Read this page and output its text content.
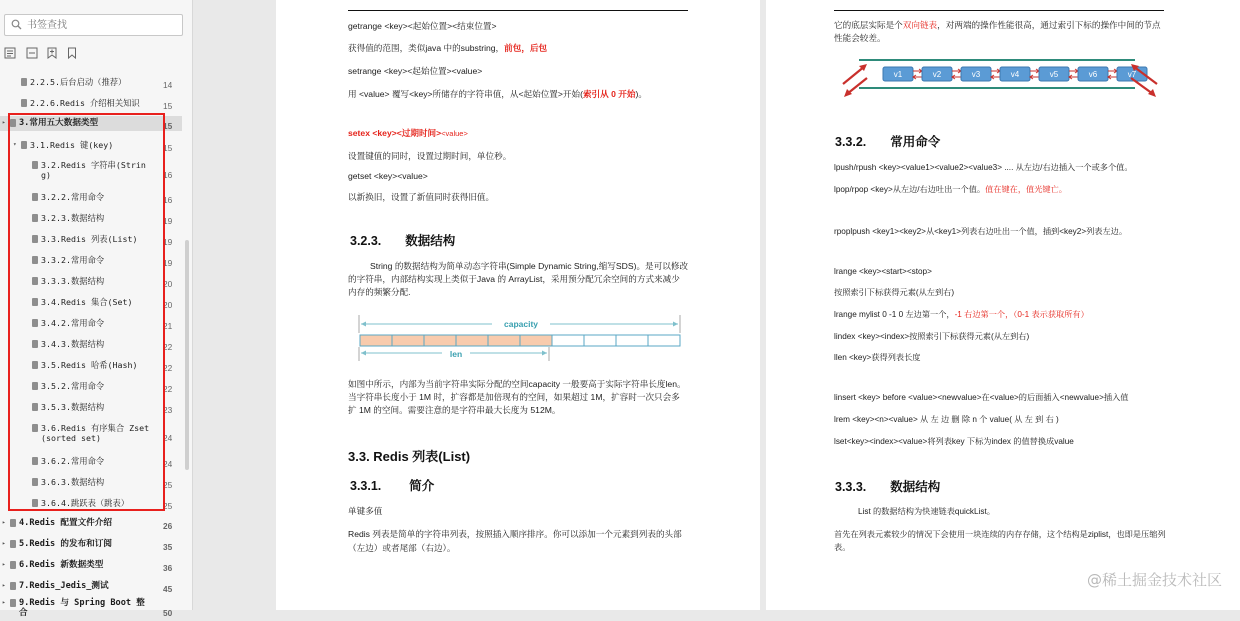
书签查找
2.2.5.后台启动（推荐）	14
2.2.6.Redis 介绍相关知识	15
▸	3.常用五大数据类型	15
▾	3.1.Redis 键(key)	15
3.2.Redis 字符串(String)	16
3.2.2.常用命令	16
3.2.3.数据结构	19
3.3.Redis 列表(List)	19
3.3.2.常用命令	19
3.3.3.数据结构	20
3.4.Redis 集合(Set)	20
3.4.2.常用命令	21
3.4.3.数据结构	22
3.5.Redis 哈希(Hash)	22
3.5.2.常用命令	22
3.5.3.数据结构	23
3.6.Redis 有序集合 Zset(sorted set)	24
3.6.2.常用命令	24
3.6.3.数据结构	25
3.6.4.跳跃表（跳表）	25
▸	4.Redis 配置文件介绍	26
▸	5.Redis 的发布和订阅	35
▸	6.Redis 新数据类型	36
▸	7.Redis_Jedis_测试	45
▸	9.Redis 与 Spring Boot 整合	50
getrange <key><起始位置><结束位置>
获得值的范围，类似java 中的substring，前包，后包
setrange <key><起始位置><value>
用 <value> 覆写<key>所储存的字符串值，从<起始位置>开始(索引从 0 开始)。
setex <key><过期时间><value>
设置键值的同时，设置过期时间，单位秒。
getset <key><value>
以新换旧，设置了新值同时获得旧值。
3.2.3. 数据结构
String 的数据结构为简单动态字符串(Simple Dynamic String,缩写SDS)。是可以修改的字符串，内部结构实现上类似于Java 的 ArrayList，采用预分配冗余空间的方式来减少内存的频繁分配.
capacity
len
如图中所示，内部为当前字符串实际分配的空间capacity 一般要高于实际字符串长度len。当字符串长度小于 1M 时，扩容都是加倍现有的空间，如果超过 1M，扩容时一次只会多扩 1M 的空间。需要注意的是字符串最大长度为 512M。
3.3. Redis 列表(List)
3.3.1. 简介
单键多值
Redis 列表是简单的字符串列表，按照插入顺序排序。你可以添加一个元素到列表的头部（左边）或者尾部（右边）。
它的底层实际是个双向链表，对两端的操作性能很高，通过索引下标的操作中间的节点性能会较差。
v1	v2	v3	v4	v5	v6	v7
3.3.2. 常用命令
lpush/rpush <key><value1><value2><value3> .... 从左边/右边插入一个或多个值。
lpop/rpop <key>从左边/右边吐出一个值。值在键在，值光键亡。
rpoplpush <key1><key2>从<key1>列表右边吐出一个值，插到<key2>列表左边。
lrange <key><start><stop>
按照索引下标获得元素(从左到右)
lrange mylist 0 -1 0 左边第一个，-1 右边第一个，（0-1 表示获取所有）
lindex <key><index>按照索引下标获得元素(从左到右)
llen <key>获得列表长度
linsert <key> before <value><newvalue>在<value>的后面插入<newvalue>插入值
lrem <key><n><value> 从 左 边 删 除 n 个 value( 从 左 到 右 )
lset<key><index><value>将列表key 下标为index 的值替换成value
3.3.3. 数据结构
List 的数据结构为快速链表quickList。
首先在列表元素较少的情况下会使用一块连续的内存存储，这个结构是ziplist，也即是压缩列表。
@稀土掘金技术社区
